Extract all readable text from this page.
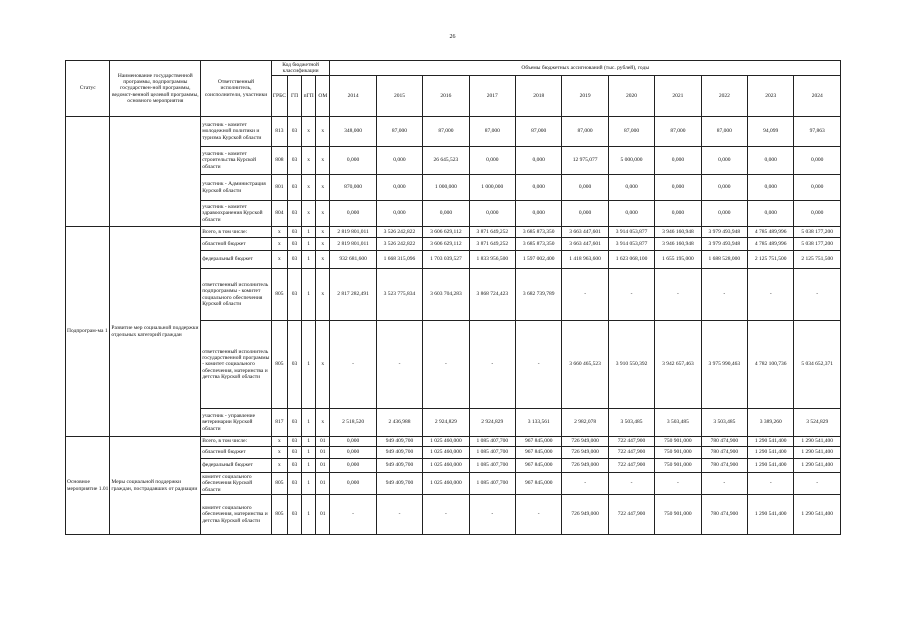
26
Статус	Наименование государственной программы, подпрограммы государствен-ной программы, ведомст-венной целевой программы, основного мероприятия	Ответственный исполнитель, соисполнители, участники	Код бюджетной классификации				Объемы бюджетных ассигнований (тыс. рублей), годы										
			ГРБС	ГП	пГП	ОМ	2014	2015	2016	2017	2018	2019	2020	2021	2022	2023	2024
		участник - комитет молодежной политики и туризма Курской области	813	03	х	х	348,000	87,000	87,000	87,000	87,000	87,000	87,000	87,000	87,000	94,099	97,863
		участник - комитет строительства Курской области	808	03	х	х	0,000	0,000	26 645,523	0,000	0,000	12 975,077	5 000,000	0,000	0,000	0,000	0,000
		участник - Администрация Курской области	801	03	х	х	870,000	0,000	1 000,000	1 000,000	0,000	0,000	0,000	0,000	0,000	0,000	0,000
		участник - комитет здравоохранения Курской области	804	03	х	х	0,000	0,000	0,000	0,000	0,000	0,000	0,000	0,000	0,000	0,000	0,000
Подпрограм-ма 1	Развитие мер социальной поддержки отдельных категорий граждан	Всего, в том числе:	х	03	1	х	2 819 801,011	3 526 242,822	3 606 629,112	3 871 649,252	3 685 873,350	3 663 447,601	3 914 053,877	3 946 160,948	3 979 493,948	4 785 489,996	5 038 177,200
		областной бюджет	х	03	1	х	2 819 801,011	3 526 242,822	3 606 629,112	3 871 649,252	3 685 873,350	3 663 447,601	3 914 053,877	3 946 160,948	3 979 493,948	4 785 489,996	5 038 177,200
		федеральный бюджет	х	03	1	х	932 681,600	1 668 315,096	1 703 039,527	1 833 956,500	1 597 002,400	1 418 963,600	1 623 068,100	1 655 195,000	1 688 528,000	2 125 751,500	2 125 751,500
		ответственный исполнитель подпрограммы - комитет социального обеспечения Курской области	805	03	1	х	2 817 282,491	3 523 775,834	3 603 704,283	3 868 724,423	3 682 739,789	-	-	-	-	-	-
		ответственный исполнитель государственной программы - комитет социального обеспечения, материнства и детства Курской области	805	03	1	х	-	-	-	-	-	3 660 465,523	3 910 550,392	3 942 657,463	3 975 990,463	4 782 100,736	5 034 652,371
		участник - управление ветеринарии Курской области	817	03	1	х	2 518,520	2 436,988	2 924,829	2 924,829	3 133,561	2 982,078	3 503,485	3 503,485	3 503,485	3 389,260	3 524,829
Основное мероприятие 1.01	Меры социальной поддержки граждан, пострадавших от радиации	Всего, в том числе:	х	03	1	01	0,000	949 409,700	1 025 460,000	1 085 407,700	967 845,000	726 949,000	722 447,900	750 901,000	780 474,900	1 290 541,400	1 290 541,400
		областной бюджет	х	03	1	01	0,000	949 409,700	1 025 460,000	1 085 407,700	967 845,000	726 949,000	722 447,900	750 901,000	780 474,900	1 290 541,400	1 290 541,400
		федеральный бюджет	х	03	1	01	0,000	949 409,700	1 025 460,000	1 085 407,700	967 845,000	726 949,000	722 447,900	750 901,000	780 474,900	1 290 541,400	1 290 541,400
		комитет социального обеспечения Курской области	805	03	1	01	0,000	949 409,700	1 025 460,000	1 085 407,700	967 845,000	-	-	-	-	-	-
		комитет социального обеспечения, материнства и детства Курской области	805	03	1	01	-	-	-	-	-	726 949,000	722 447,900	750 901,000	780 474,900	1 290 541,400	1 290 541,400
